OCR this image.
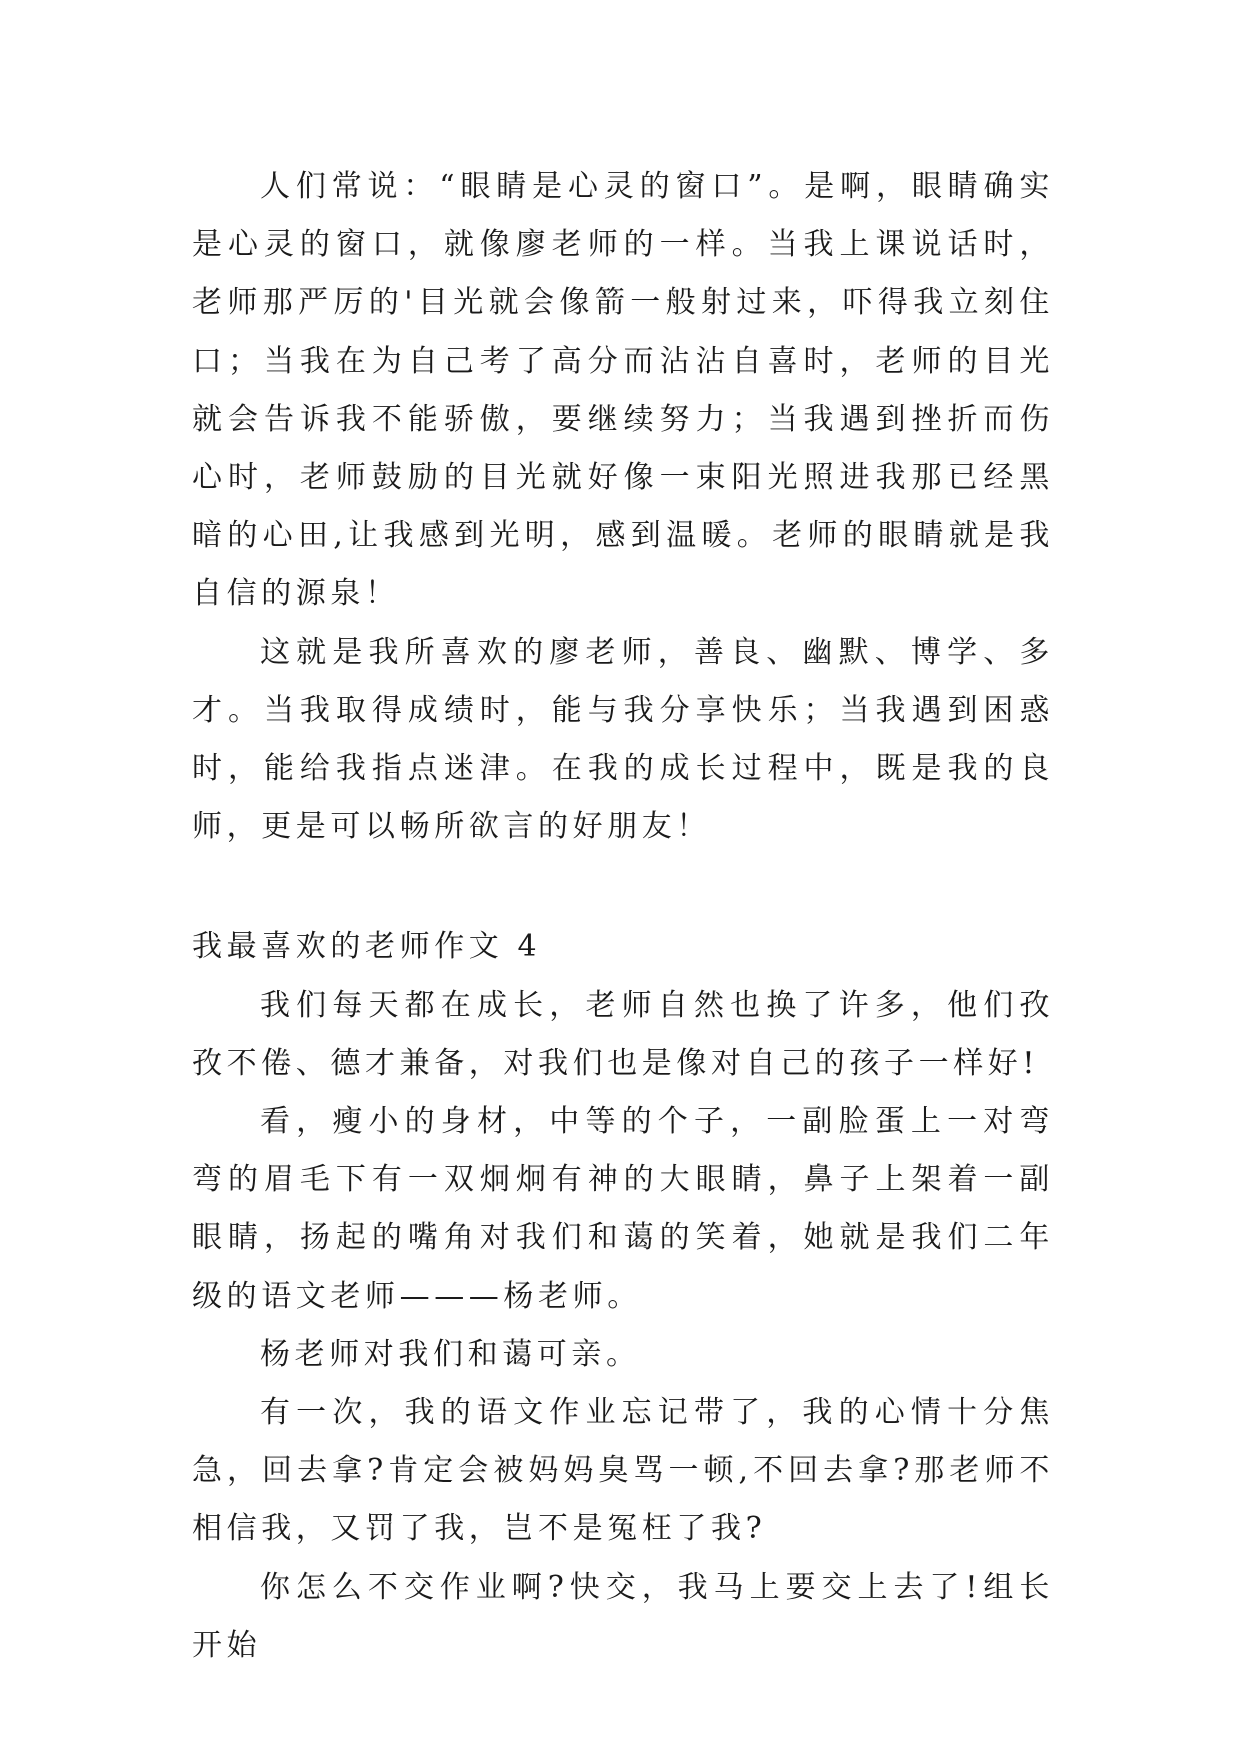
人们常说：“眼睛是心灵的窗口”。是啊，眼睛确实是心灵的窗口，就像廖老师的一样。当我上课说话时，老师那严厉的'目光就会像箭一般射过来，吓得我立刻住口；当我在为自己考了高分而沾沾自喜时，老师的目光就会告诉我不能骄傲，要继续努力；当我遇到挫折而伤心时，老师鼓励的目光就好像一束阳光照进我那已经黑暗的心田,让我感到光明，感到温暖。老师的眼睛就是我自信的源泉！

这就是我所喜欢的廖老师，善良、幽默、博学、多才。当我取得成绩时，能与我分享快乐；当我遇到困惑时，能给我指点迷津。在我的成长过程中，既是我的良师，更是可以畅所欲言的好朋友！

我最喜欢的老师作文 4

我们每天都在成长，老师自然也换了许多，他们孜孜不倦、德才兼备，对我们也是像对自己的孩子一样好!

看，瘦小的身材，中等的个子，一副脸蛋上一对弯弯的眉毛下有一双炯炯有神的大眼睛，鼻子上架着一副眼睛，扬起的嘴角对我们和蔼的笑着，她就是我们二年级的语文老师———杨老师。

杨老师对我们和蔼可亲。

有一次，我的语文作业忘记带了，我的心情十分焦急，回去拿?肯定会被妈妈臭骂一顿,不回去拿?那老师不相信我，又罚了我，岂不是冤枉了我?

你怎么不交作业啊?快交，我马上要交上去了!组长开始
